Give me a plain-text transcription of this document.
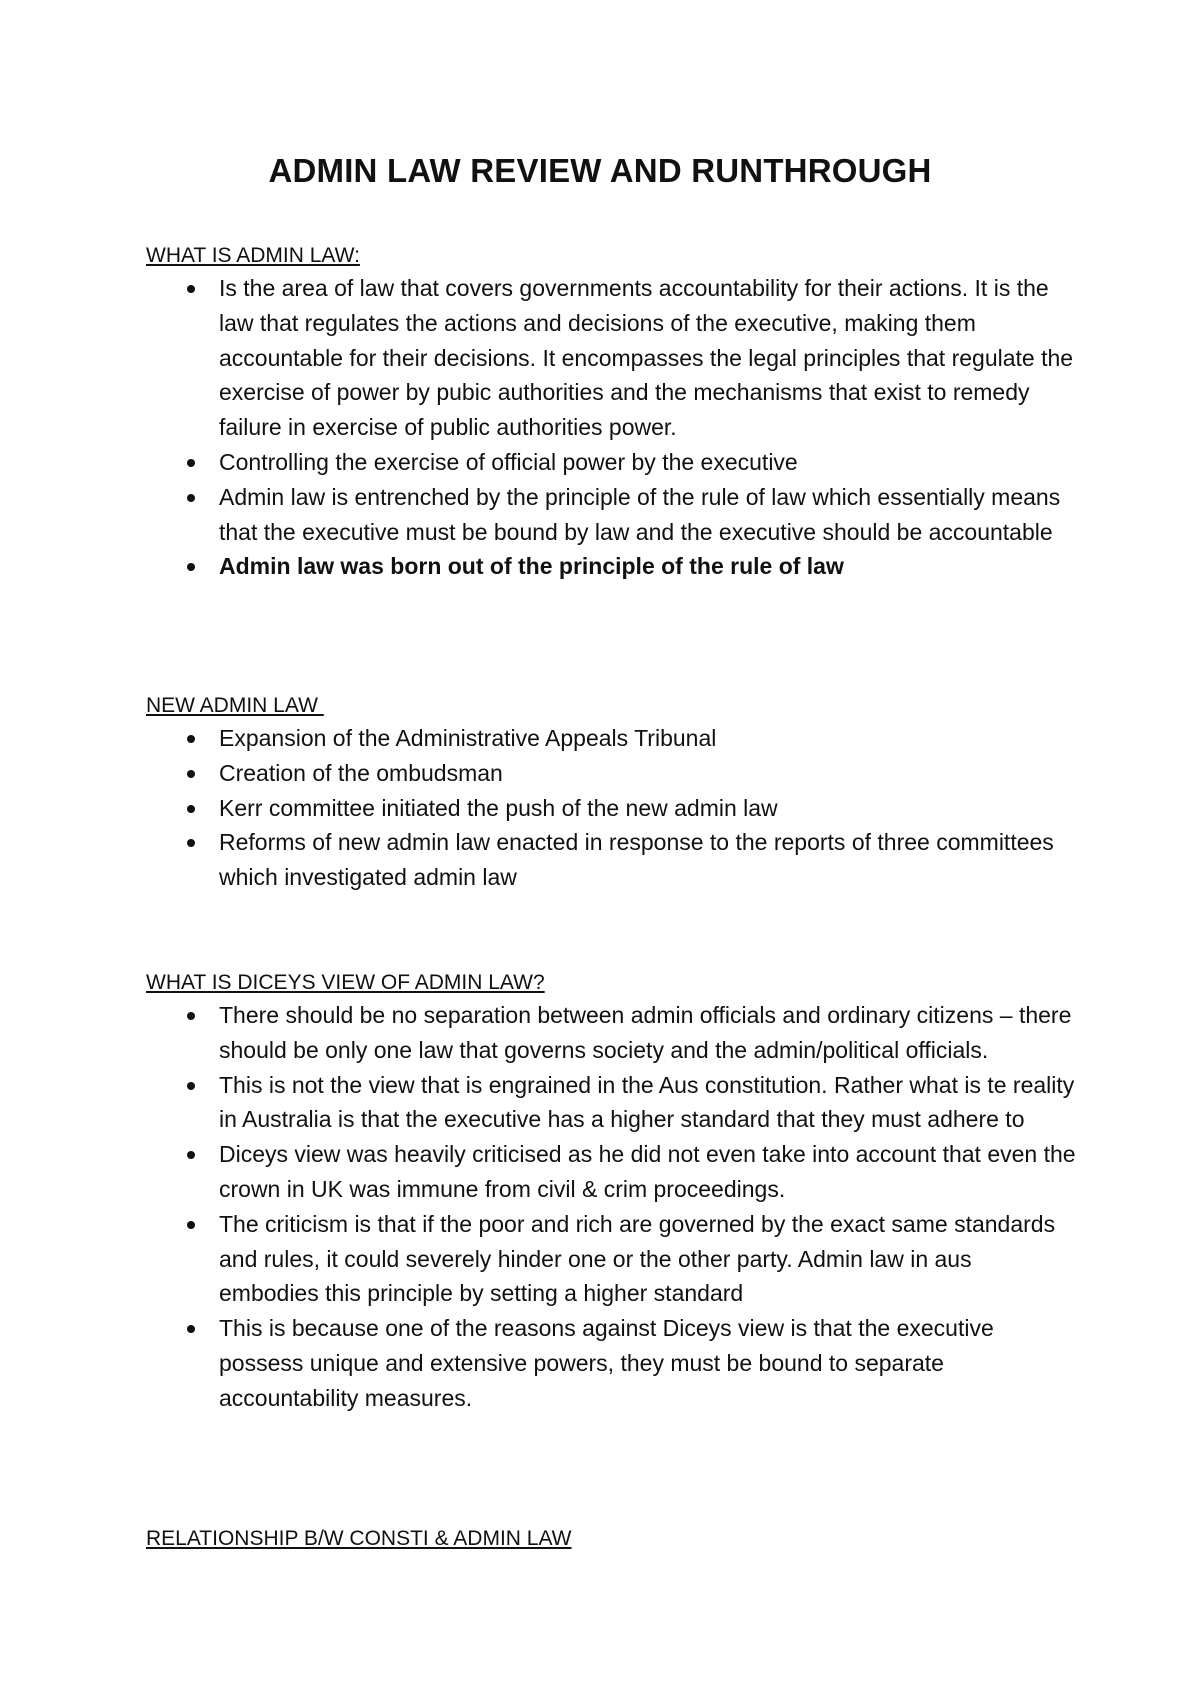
ADMIN LAW REVIEW AND RUNTHROUGH
WHAT IS ADMIN LAW:
Is the area of law that covers governments accountability for their actions. It is the law that regulates the actions and decisions of the executive, making them accountable for their decisions. It encompasses the legal principles that regulate the exercise of power by pubic authorities and the mechanisms that exist to remedy failure in exercise of public authorities power.
Controlling the exercise of official power by the executive
Admin law is entrenched by the principle of the rule of law which essentially means that the executive must be bound by law and the executive should be accountable
Admin law was born out of the principle of the rule of law
NEW ADMIN LAW
Expansion of the Administrative Appeals Tribunal
Creation of the ombudsman
Kerr committee initiated the push of the new admin law
Reforms of new admin law enacted in response to the reports of three committees which investigated admin law
WHAT IS DICEYS VIEW OF ADMIN LAW?
There should be no separation between admin officials and ordinary citizens – there should be only one law that governs society and the admin/political officials.
This is not the view that is engrained in the Aus constitution. Rather what is te reality in Australia is that the executive has a higher standard that they must adhere to
Diceys view was heavily criticised as he did not even take into account that even the crown in UK was immune from civil & crim proceedings.
The criticism is that if the poor and rich are governed by the exact same standards and rules, it could severely hinder one or the other party. Admin law in aus embodies this principle by setting a higher standard
This is because one of the reasons against Diceys view is that the executive possess unique and extensive powers, they must be bound to separate accountability measures.
RELATIONSHIP B/W CONSTI & ADMIN LAW
